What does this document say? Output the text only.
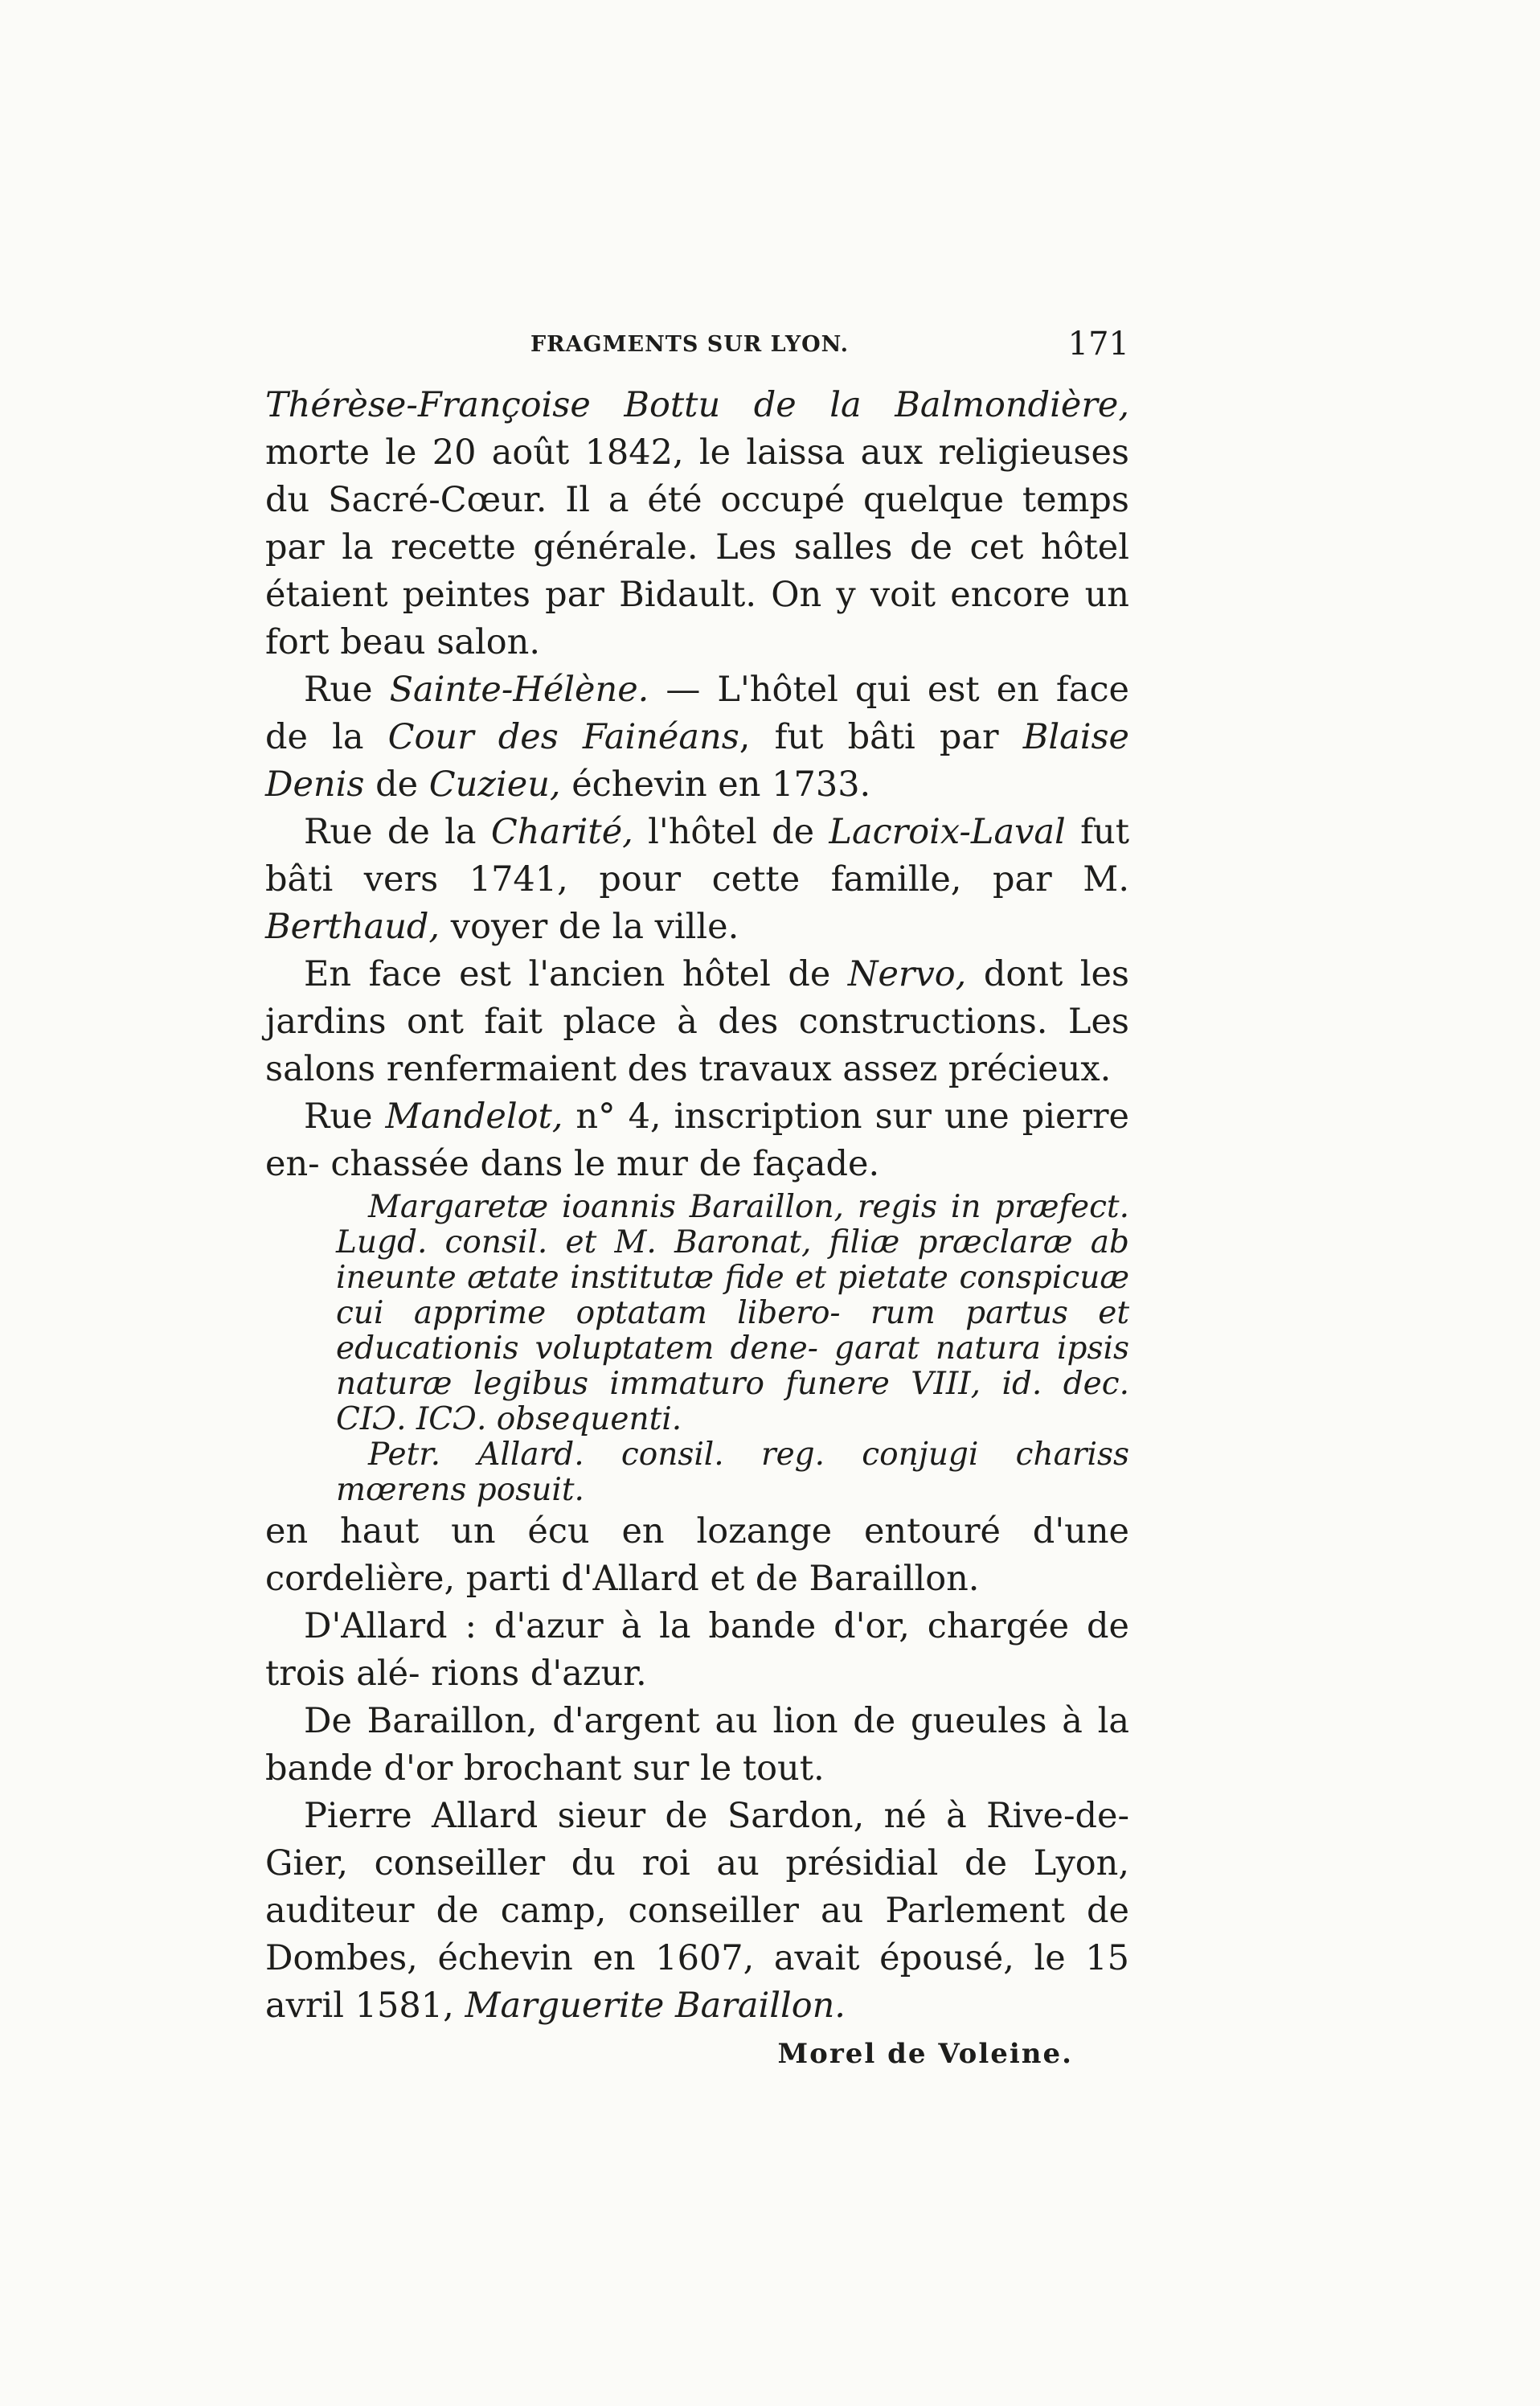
FRAGMENTS SUR LYON.	171

Thérèse-Françoise Bottu de la Balmondière, morte le 20 août 1842, le laissa aux religieuses du Sacré-Cœur. Il a été occupé quelque temps par la recette générale. Les salles de cet hôtel étaient peintes par Bidault. On y voit encore un fort beau salon.

Rue Sainte-Hélène. — L'hôtel qui est en face de la Cour des Fainéans, fut bâti par Blaise Denis de Cuzieu, échevin en 1733.

Rue de la Charité, l'hôtel de Lacroix-Laval fut bâti vers 1741, pour cette famille, par M. Berthaud, voyer de la ville.

En face est l'ancien hôtel de Nervo, dont les jardins ont fait place à des constructions. Les salons renfermaient des travaux assez précieux.

Rue Mandelot, n° 4, inscription sur une pierre en- chassée dans le mur de façade.

Margaretæ ioannis Baraillon, regis in præfect. Lugd. consil. et M. Baronat, filiæ præclaræ ab ineunte ætate institutæ fide et pietate conspicuæ cui apprime optatam libero- rum partus et educationis voluptatem dene- garat natura ipsis naturæ legibus immaturo funere VIII, id. dec. CIƆ. ICƆ. obsequenti.

Petr. Allard. consil. reg. conjugi chariss mœrens posuit.

en haut un écu en lozange entouré d'une cordelière, parti d'Allard et de Baraillon.

D'Allard : d'azur à la bande d'or, chargée de trois alé- rions d'azur.

De Baraillon, d'argent au lion de gueules à la bande d'or brochant sur le tout.

Pierre Allard sieur de Sardon, né à Rive-de-Gier, conseiller du roi au présidial de Lyon, auditeur de camp, conseiller au Parlement de Dombes, échevin en 1607, avait épousé, le 15 avril 1581, Marguerite Baraillon.

Morel de Voleine.
